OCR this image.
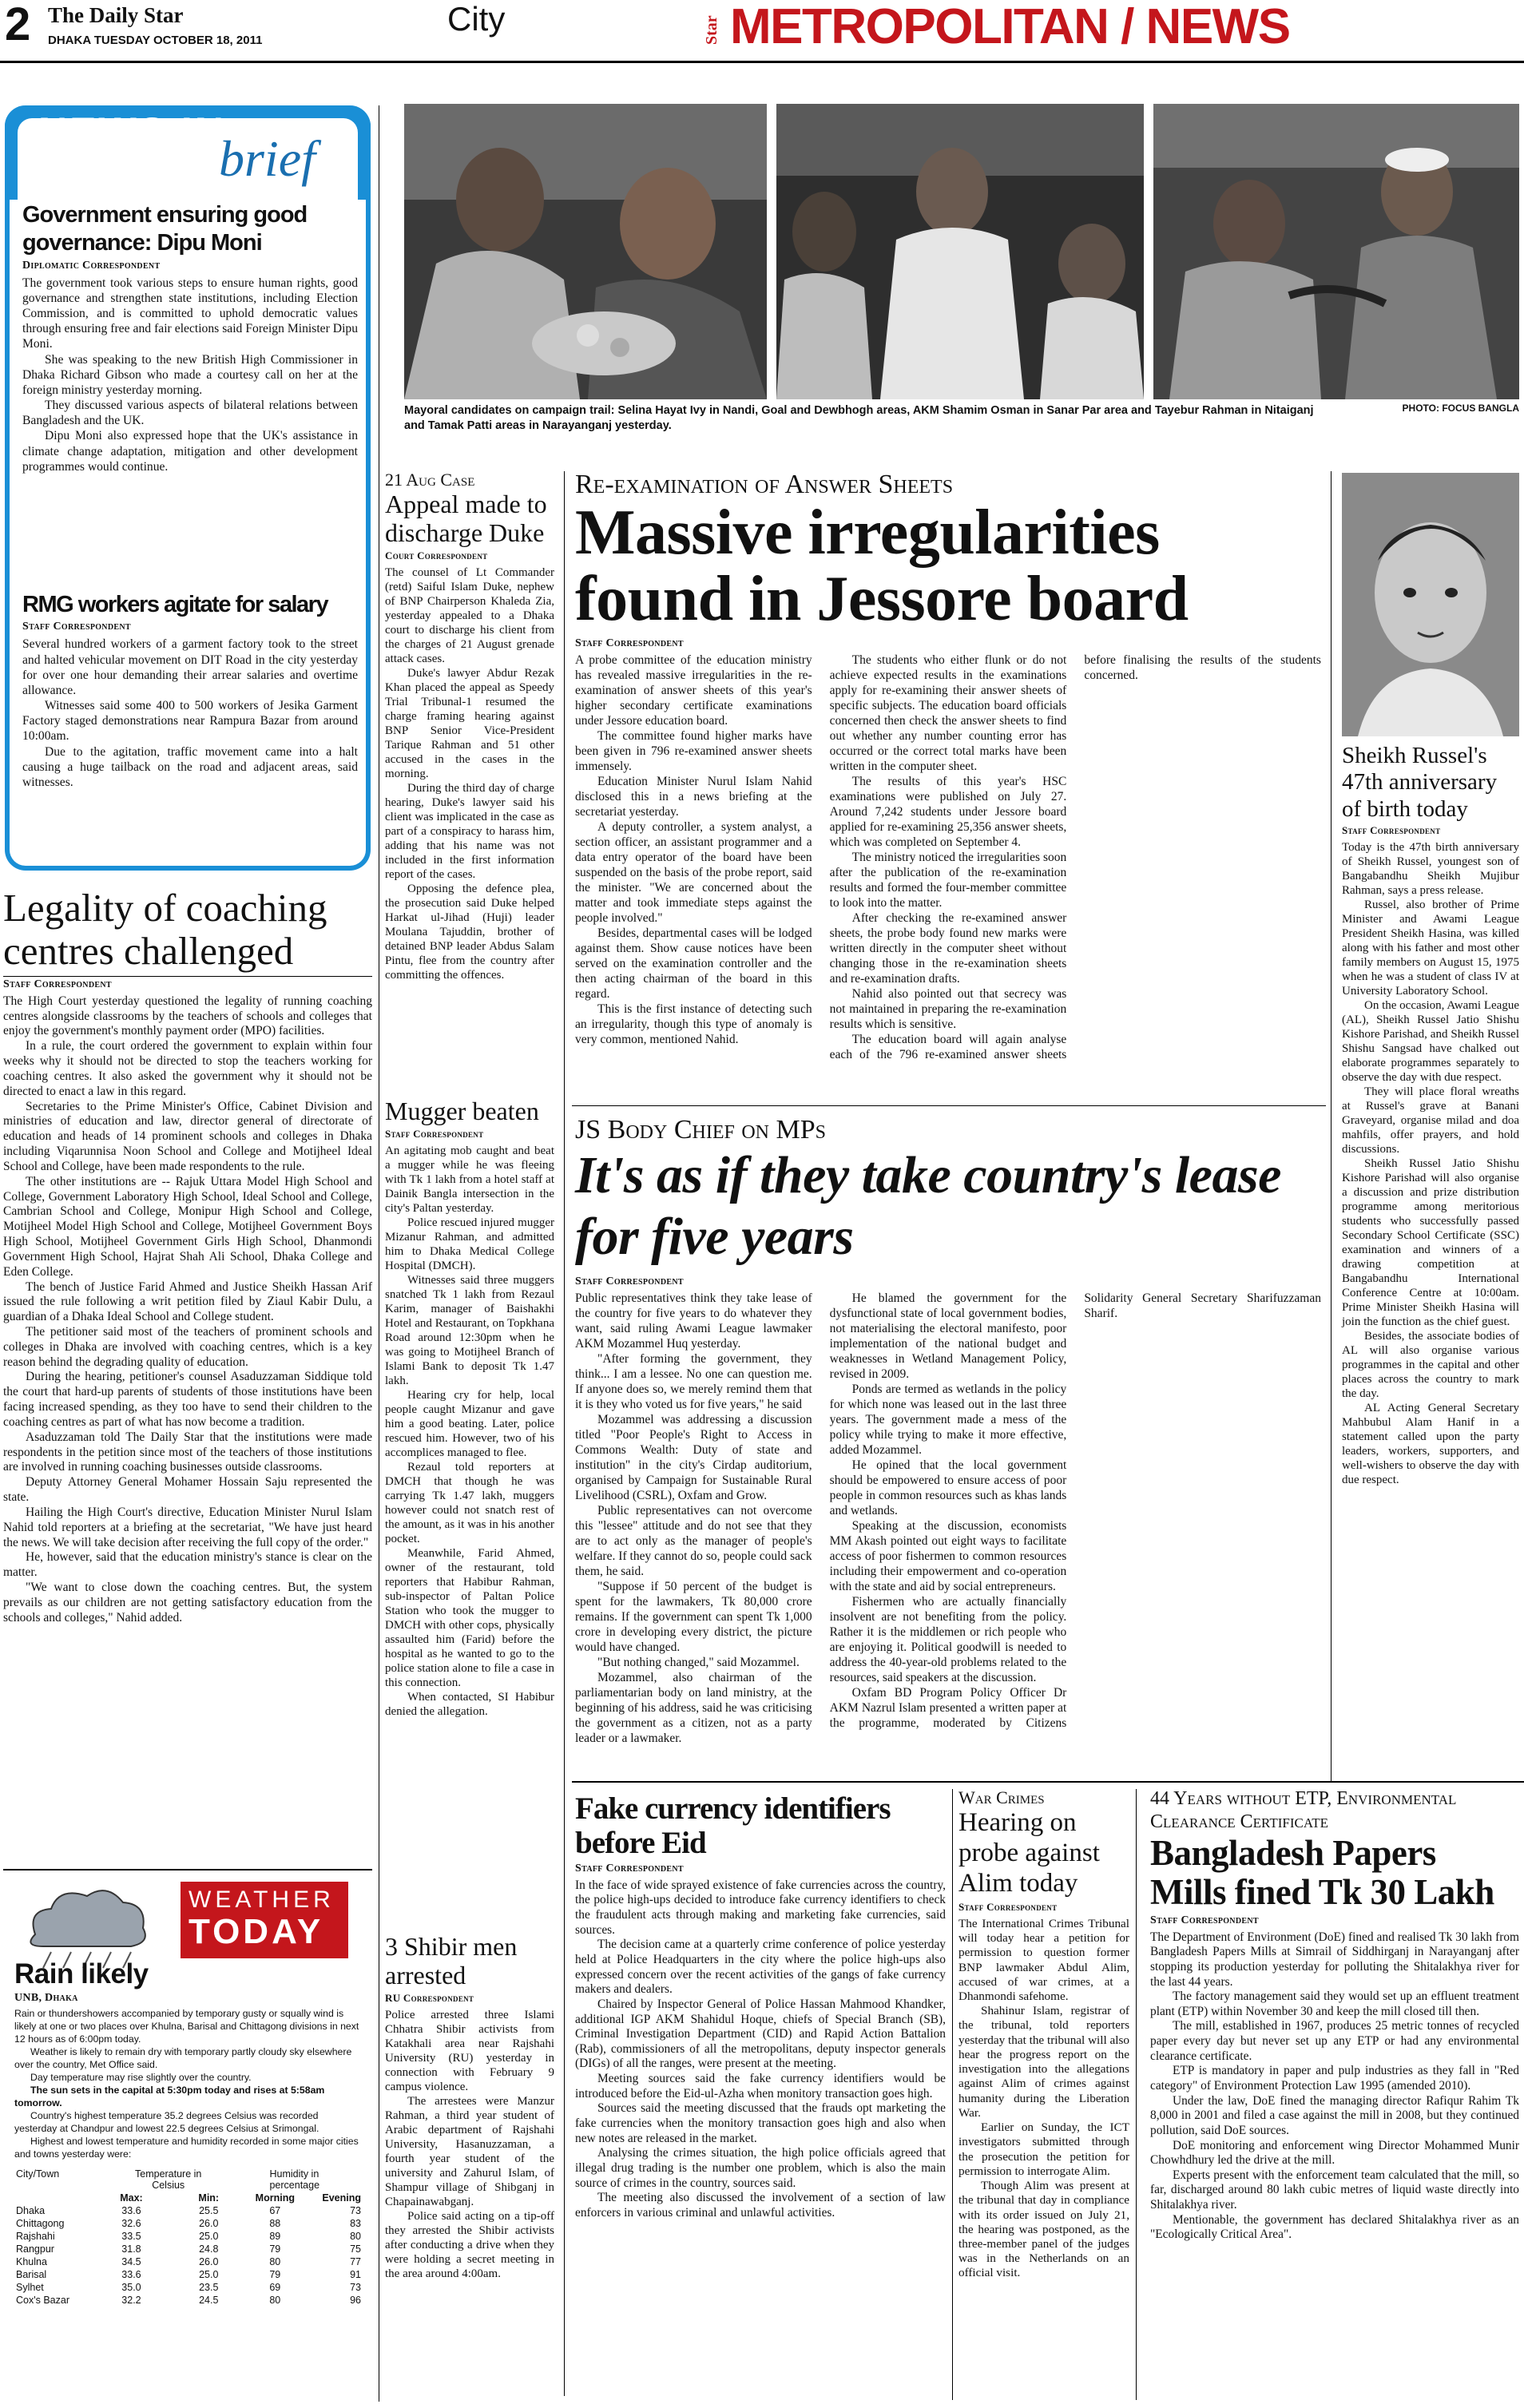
2 The Daily Star
DHAKA TUESDAY OCTOBER 18, 2011
City	Star METROPOLITAN / NEWS
NEWS IN
brief
Government ensuring good governance: Dipu Moni
Diplomatic Correspondent

The government took various steps to ensure human rights, good governance and strengthen state institutions, including Election Commission, and is committed to uphold democratic values through ensuring free and fair elections said Foreign Minister Dipu Moni.

She was speaking to the new British High Commissioner in Dhaka Richard Gibson who made a courtesy call on her at the foreign ministry yesterday morning.

They discussed various aspects of bilateral relations between Bangladesh and the UK.

Dipu Moni also expressed hope that the UK's assistance in climate change adaptation, mitigation and other development programmes would continue.

RMG workers agitate for salary
Staff Correspondent

Several hundred workers of a garment factory took to the street and halted vehicular movement on DIT Road in the city yesterday for over one hour demanding their arrear salaries and overtime allowance.

Witnesses said some 400 to 500 workers of Jesika Garment Factory staged demonstrations near Rampura Bazar from around 10:00am.

Due to the agitation, traffic movement came into a halt causing a huge tailback on the road and adjacent areas, said witnesses.

Legality of coaching centres challenged
Staff Correspondent

The High Court yesterday questioned the legality of running coaching centres alongside classrooms by the teachers of schools and colleges that enjoy the government's monthly payment order (MPO) facilities.

In a rule, the court ordered the government to explain within four weeks why it should not be directed to stop the teachers working for coaching centres. It also asked the government why it should not be directed to enact a law in this regard.

Secretaries to the Prime Minister's Office, Cabinet Division and ministries of education and law, director general of directorate of education and heads of 14 prominent schools and colleges in Dhaka including Viqarunnisa Noon School and College and Motijheel Ideal School and College, have been made respondents to the rule.

The other institutions are -- Rajuk Uttara Model High School and College, Government Laboratory High School, Ideal School and College, Cambrian School and College, Monipur High School and College, Motijheel Model High School and College, Motijheel Government Boys High School, Motijheel Government Girls High School, Dhanmondi Government High School, Hajrat Shah Ali School, Dhaka College and Eden College.

The bench of Justice Farid Ahmed and Justice Sheikh Hassan Arif issued the rule following a writ petition filed by Ziaul Kabir Dulu, a guardian of a Dhaka Ideal School and College student.

The petitioner said most of the teachers of prominent schools and colleges in Dhaka are involved with coaching centres, which is a key reason behind the degrading quality of education.

During the hearing, petitioner's counsel Asaduzzaman Siddique told the court that hard-up parents of students of those institutions have been facing increased spending, as they too have to send their children to the coaching centres as part of what has now become a tradition.

Asaduzzaman told The Daily Star that the institutions were made respondents in the petition since most of the teachers of those institutions are involved in running coaching businesses outside classrooms.

Deputy Attorney General Mohamer Hossain Saju represented the state.

Hailing the High Court's directive, Education Minister Nurul Islam Nahid told reporters at a briefing at the secretariat, "We have just heard the news. We will take decision after receiving the full copy of the order."

He, however, said that the education ministry's stance is clear on the matter.

"We want to close down the coaching centres. But, the system prevails as our children are not getting satisfactory education from the schools and colleges," Nahid added.

WEATHER
TODAY
Rain likely
UNB, Dhaka

Rain or thundershowers accompanied by temporary gusty or squally wind is likely at one or two places over Khulna, Barisal and Chittagong divisions in next 12 hours as of 6:00pm today.

Weather is likely to remain dry with temporary partly cloudy sky elsewhere over the country, Met Office said.

Day temperature may rise slightly over the country.

The sun sets in the capital at 5:30pm today and rises at 5:58am tomorrow.

Country's highest temperature 35.2 degrees Celsius was recorded yesterday at Chandpur and lowest 22.5 degrees Celsius at Srimongal.

Highest and lowest temperature and humidity recorded in some major cities and towns yesterday were:

City/Town	Temperature in Celsius		Humidity in percentage	
	Max:	Min:	Morning	Evening
Dhaka	33.6	25.5	67	73
Chittagong	32.6	26.0	88	83
Rajshahi	33.5	25.0	89	80
Rangpur	31.8	24.8	79	75
Khulna	34.5	26.0	80	77
Barisal	33.6	25.0	79	91
Sylhet	35.0	23.5	69	73
Cox's Bazar	32.2	24.5	80	96
PHOTO: FOCUS BANGLA
Mayoral candidates on campaign trail: Selina Hayat Ivy in Nandi, Goal and Dewbhogh areas, AKM Shamim Osman in Sanar Par area and Tayebur Rahman in Nitaiganj and Tamak Patti areas in Narayanganj yesterday.
21 Aug Case
Appeal made to discharge Duke
Court Correspondent

The counsel of Lt Commander (retd) Saiful Islam Duke, nephew of BNP Chairperson Khaleda Zia, yesterday appealed to a Dhaka court to discharge his client from the charges of 21 August grenade attack cases.

Duke's lawyer Abdur Rezak Khan placed the appeal as Speedy Trial Tribunal-1 resumed the charge framing hearing against BNP Senior Vice-President Tarique Rahman and 51 other accused in the cases in the morning.

During the third day of charge hearing, Duke's lawyer said his client was implicated in the case as part of a conspiracy to harass him, adding that his name was not included in the first information report of the cases.

Opposing the defence plea, the prosecution said Duke helped Harkat ul-Jihad (Huji) leader Moulana Tajuddin, brother of detained BNP leader Abdus Salam Pintu, flee from the country after committing the offences.

Mugger beaten
Staff Correspondent

An agitating mob caught and beat a mugger while he was fleeing with Tk 1 lakh from a hotel staff at Dainik Bangla intersection in the city's Paltan yesterday.

Police rescued injured mugger Mizanur Rahman, and admitted him to Dhaka Medical College Hospital (DMCH).

Witnesses said three muggers snatched Tk 1 lakh from Rezaul Karim, manager of Baishakhi Hotel and Restaurant, on Topkhana Road around 12:30pm when he was going to Motijheel Branch of Islami Bank to deposit Tk 1.47 lakh.

Hearing cry for help, local people caught Mizanur and gave him a good beating. Later, police rescued him. However, two of his accomplices managed to flee.

Rezaul told reporters at DMCH that though he was carrying Tk 1.47 lakh, muggers however could not snatch rest of the amount, as it was in his another pocket.

Meanwhile, Farid Ahmed, owner of the restaurant, told reporters that Habibur Rahman, sub-inspector of Paltan Police Station who took the mugger to DMCH with other cops, physically assaulted him (Farid) before the hospital as he wanted to go to the police station alone to file a case in this connection.

When contacted, SI Habibur denied the allegation.

3 Shibir men arrested
RU Correspondent

Police arrested three Islami Chhatra Shibir activists from Katakhali area near Rajshahi University (RU) yesterday in connection with February 9 campus violence.

The arrestees were Manzur Rahman, a third year student of Arabic department of Rajshahi University, Hasanuzzaman, a fourth year student of the university and Zahurul Islam, of Shampur village of Shibganj in Chapainawabganj.

Police said acting on a tip-off they arrested the Shibir activists after conducting a drive when they were holding a secret meeting in the area around 4:00am.

Re-examination of Answer Sheets
Massive irregularities found in Jessore board
Staff Correspondent

A probe committee of the education ministry has revealed massive irregularities in the re-examination of answer sheets of this year's higher secondary certificate examinations under Jessore education board.

The committee found higher marks have been given in 796 re-examined answer sheets immensely.

Education Minister Nurul Islam Nahid disclosed this in a news briefing at the secretariat yesterday.

A deputy controller, a system analyst, a section officer, an assistant programmer and a data entry operator of the board have been suspended on the basis of the probe report, said the minister. "We are concerned about the matter and took immediate steps against the people involved."

Besides, departmental cases will be lodged against them. Show cause notices have been served on the examination controller and the then acting chairman of the board in this regard.

This is the first instance of detecting such an irregularity, though this type of anomaly is very common, mentioned Nahid.

The students who either flunk or do not achieve expected results in the examinations apply for re-examining their answer sheets of specific subjects. The education board officials concerned then check the answer sheets to find out whether any number counting error has occurred or the correct total marks have been written in the computer sheet.

The results of this year's HSC examinations were published on July 27. Around 7,242 students under Jessore board applied for re-examining 25,356 answer sheets, which was completed on September 4.

The ministry noticed the irregularities soon after the publication of the re-examination results and formed the four-member committee to look into the matter.

After checking the re-examined answer sheets, the probe body found new marks were written directly in the computer sheet without changing those in the re-examination sheets and re-examination drafts.

Nahid also pointed out that secrecy was not maintained in preparing the re-examination results which is sensitive.

The education board will again analyse each of the 796 re-examined answer sheets before finalising the results of the students concerned.

Sheikh Russel's 47th anniversary of birth today
Staff Correspondent

Today is the 47th birth anniversary of Sheikh Russel, youngest son of Bangabandhu Sheikh Mujibur Rahman, says a press release.

Russel, also brother of Prime Minister and Awami League President Sheikh Hasina, was killed along with his father and most other family members on August 15, 1975 when he was a student of class IV at University Laboratory School.

On the occasion, Awami League (AL), Sheikh Russel Jatio Shishu Kishore Parishad, and Sheikh Russel Shishu Sangsad have chalked out elaborate programmes separately to observe the day with due respect.

They will place floral wreaths at Russel's grave at Banani Graveyard, organise milad and doa mahfils, offer prayers, and hold discussions.

Sheikh Russel Jatio Shishu Kishore Parishad will also organise a discussion and prize distribution programme among meritorious students who successfully passed Secondary School Certificate (SSC) examination and winners of a drawing competition at Bangabandhu International Conference Centre at 10:00am. Prime Minister Sheikh Hasina will join the function as the chief guest.

Besides, the associate bodies of AL will also organise various programmes in the capital and other places across the country to mark the day.

AL Acting General Secretary Mahbubul Alam Hanif in a statement called upon the party leaders, workers, supporters, and well-wishers to observe the day with due respect.

JS Body Chief on MPs
It's as if they take country's lease for five years
Staff Correspondent

Public representatives think they take lease of the country for five years to do whatever they want, said ruling Awami League lawmaker AKM Mozammel Huq yesterday.

"After forming the government, they think... I am a lessee. No one can question me. If anyone does so, we merely remind them that it is they who voted us for five years," he said

Mozammel was addressing a discussion titled "Poor People's Right to Access in Commons Wealth: Duty of state and institution" in the city's Cirdap auditorium, organised by Campaign for Sustainable Rural Livelihood (CSRL), Oxfam and Grow.

Public representatives can not overcome this "lessee" attitude and do not see that they are to act only as the manager of people's welfare. If they cannot do so, people could sack them, he said.

"Suppose if 50 percent of the budget is spent for the lawmakers, Tk 80,000 crore remains. If the government can spent Tk 1,000 crore in developing every district, the picture would have changed.

"But nothing changed," said Mozammel.

Mozammel, also chairman of the parliamentarian body on land ministry, at the beginning of his address, said he was criticising the government as a citizen, not as a party leader or a lawmaker.

He blamed the government for the dysfunctional state of local government bodies, not materialising the electoral manifesto, poor implementation of the national budget and weaknesses in Wetland Management Policy, revised in 2009.

Ponds are termed as wetlands in the policy for which none was leased out in the last three years. The government made a mess of the policy while trying to make it more effective, added Mozammel.

He opined that the local government should be empowered to ensure access of poor people in common resources such as khas lands and wetlands.

Speaking at the discussion, economists MM Akash pointed out eight ways to facilitate access of poor fishermen to common resources including their empowerment and co-operation with the state and aid by social entrepreneurs.

Fishermen who are actually financially insolvent are not benefiting from the policy. Rather it is the middlemen or rich people who are enjoying it. Political goodwill is needed to address the 40-year-old problems related to the resources, said speakers at the discussion.

Oxfam BD Program Policy Officer Dr AKM Nazrul Islam presented a written paper at the programme, moderated by Citizens Solidarity General Secretary Sharifuzzaman Sharif.

Fake currency identifiers before Eid
Staff Correspondent

In the face of wide sprayed existence of fake currencies across the country, the police high-ups decided to introduce fake currency identifiers to check the fraudulent acts through making and marketing fake currencies, said sources.

The decision came at a quarterly crime conference of police yesterday held at Police Headquarters in the city where the police high-ups also expressed concern over the recent activities of the gangs of fake currency makers and dealers.

Chaired by Inspector General of Police Hassan Mahmood Khandker, additional IGP AKM Shahidul Hoque, chiefs of Special Branch (SB), Criminal Investigation Department (CID) and Rapid Action Battalion (Rab), commissioners of all the metropolitans, deputy inspector generals (DIGs) of all the ranges, were present at the meeting.

Meeting sources said the fake currency identifiers would be introduced before the Eid-ul-Azha when monitory transaction goes high.

Sources said the meeting discussed that the frauds opt marketing the fake currencies when the monitory transaction goes high and also when new notes are released in the market.

Analysing the crimes situation, the high police officials agreed that illegal drug trading is the number one problem, which is also the main source of crimes in the country, sources said.

The meeting also discussed the involvement of a section of law enforcers in various criminal and unlawful activities.

War Crimes
Hearing on probe against Alim today
Staff Correspondent

The International Crimes Tribunal will today hear a petition for permission to question former BNP lawmaker Abdul Alim, accused of war crimes, at a Dhanmondi safehome.

Shahinur Islam, registrar of the tribunal, told reporters yesterday that the tribunal will also hear the progress report on the investigation into the allegations against Alim of crimes against humanity during the Liberation War.

Earlier on Sunday, the ICT investigators submitted through the prosecution the petition for permission to interrogate Alim.

Though Alim was present at the tribunal that day in compliance with its order issued on July 21, the hearing was postponed, as the three-member panel of the judges was in the Netherlands on an official visit.

44 Years without ETP, Environmental Clearance Certificate
Bangladesh Papers Mills fined Tk 30 Lakh
Staff Correspondent

The Department of Environment (DoE) fined and realised Tk 30 lakh from Bangladesh Papers Mills at Simrail of Siddhirganj in Narayanganj after stopping its production yesterday for polluting the Shitalakhya river for the last 44 years.

The factory management said they would set up an effluent treatment plant (ETP) within November 30 and keep the mill closed till then.

The mill, established in 1967, produces 25 metric tonnes of recycled paper every day but never set up any ETP or had any environmental clearance certificate.

ETP is mandatory in paper and pulp industries as they fall in "Red category" of Environment Protection Law 1995 (amended 2010).

Under the law, DoE fined the managing director Rafiqur Rahim Tk 8,000 in 2001 and filed a case against the mill in 2008, but they continued pollution, said DoE sources.

DoE monitoring and enforcement wing Director Mohammed Munir Chowhdhury led the drive at the mill.

Experts present with the enforcement team calculated that the mill, so far, discharged around 80 lakh cubic metres of liquid waste directly into Shitalakhya river.

Mentionable, the government has declared Shitalakhya river as an "Ecologically Critical Area".
